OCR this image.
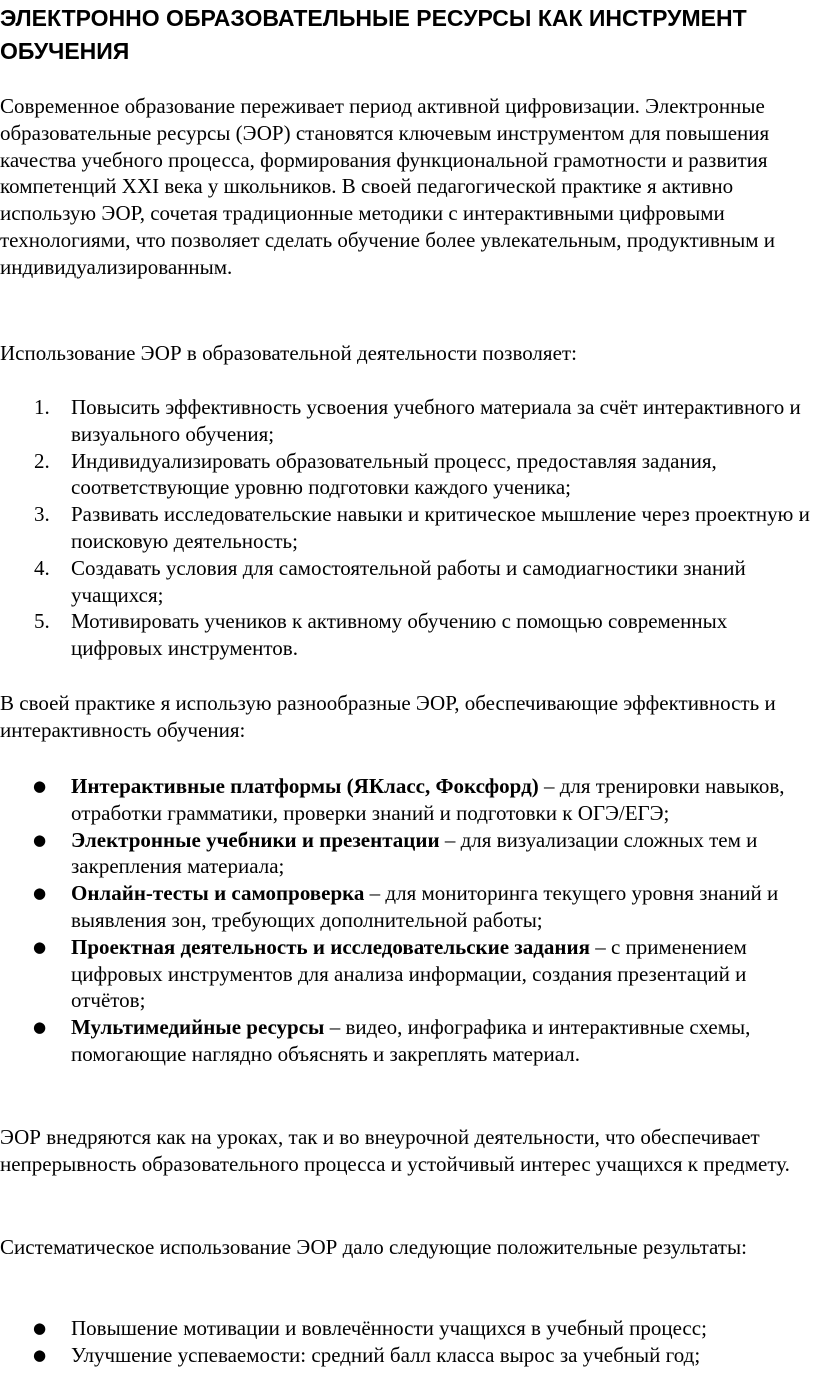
ЭЛЕКТРОННО ОБРАЗОВАТЕЛЬНЫЕ РЕСУРСЫ КАК ИНСТРУМЕНТ ОБУЧЕНИЯ

Современное образование переживает период активной цифровизации. Электронные образовательные ресурсы (ЭОР) становятся ключевым инструментом для повышения качества учебного процесса, формирования функциональной грамотности и развития компетенций XXI века у школьников. В своей педагогической практике я активно использую ЭОР, сочетая традиционные методики с интерактивными цифровыми технологиями, что позволяет сделать обучение более увлекательным, продуктивным и индивидуализированным.

Использование ЭОР в образовательной деятельности позволяет:

1. Повысить эффективность усвоения учебного материала за счёт интерактивного и визуального обучения;
2. Индивидуализировать образовательный процесс, предоставляя задания, соответствующие уровню подготовки каждого ученика;
3. Развивать исследовательские навыки и критическое мышление через проектную и поисковую деятельность;
4. Создавать условия для самостоятельной работы и самодиагностики знаний учащихся;
5. Мотивировать учеников к активному обучению с помощью современных цифровых инструментов.

В своей практике я использую разнообразные ЭОР, обеспечивающие эффективность и интерактивность обучения:

● Интерактивные платформы (ЯКласс, Фоксфорд) – для тренировки навыков, отработки грамматики, проверки знаний и подготовки к ОГЭ/ЕГЭ;
● Электронные учебники и презентации – для визуализации сложных тем и закрепления материала;
● Онлайн-тесты и самопроверка – для мониторинга текущего уровня знаний и выявления зон, требующих дополнительной работы;
● Проектная деятельность и исследовательские задания – с применением цифровых инструментов для анализа информации, создания презентаций и отчётов;
● Мультимедийные ресурсы – видео, инфографика и интерактивные схемы, помогающие наглядно объяснять и закреплять материал.

ЭОР внедряются как на уроках, так и во внеурочной деятельности, что обеспечивает непрерывность образовательного процесса и устойчивый интерес учащихся к предмету.

Систематическое использование ЭОР дало следующие положительные результаты:

● Повышение мотивации и вовлечённости учащихся в учебный процесс;
● Улучшение успеваемости: средний балл класса вырос за учебный год;
